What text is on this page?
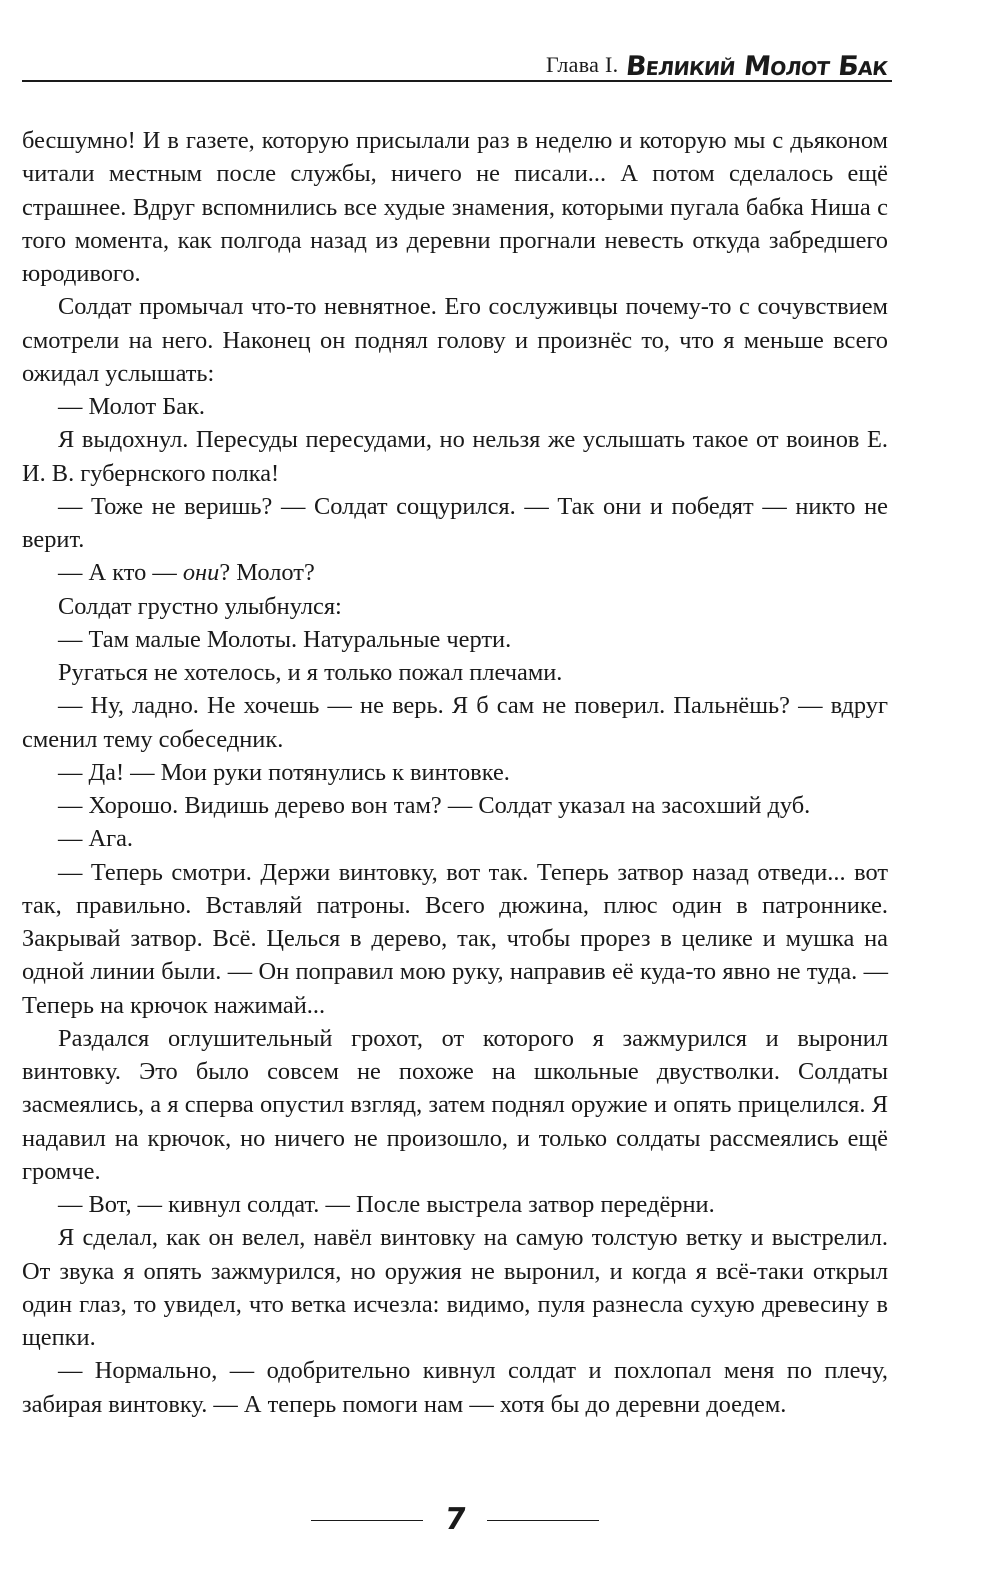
Глава I. Великий Молот Бак

бесшумно! И в газете, которую присылали раз в неделю и которую мы с дьяконом читали местным после службы, ничего не писали... А потом сделалось ещё страшнее. Вдруг вспомнились все худые знамения, которыми пугала бабка Ниша с того момента, как полгода назад из деревни прогнали невесть откуда забредшего юродивого.

Солдат промычал что-то невнятное. Его сослуживцы почему-то с сочувствием смотрели на него. Наконец он поднял голову и произнёс то, что я меньше всего ожидал услышать:

— Молот Бак.

Я выдохнул. Пересуды пересудами, но нельзя же услышать такое от воинов Е. И. В. губернского полка!

— Тоже не веришь? — Солдат сощурился. — Так они и победят — никто не верит.

— А кто — они? Молот?

Солдат грустно улыбнулся:

— Там малые Молоты. Натуральные черти.

Ругаться не хотелось, и я только пожал плечами.

— Ну, ладно. Не хочешь — не верь. Я б сам не поверил. Пальнёшь? — вдруг сменил тему собеседник.

— Да! — Мои руки потянулись к винтовке.

— Хорошо. Видишь дерево вон там? — Солдат указал на засохший дуб.

— Ага.

— Теперь смотри. Держи винтовку, вот так. Теперь затвор назад отведи... вот так, правильно. Вставляй патроны. Всего дюжина, плюс один в патроннике. Закрывай затвор. Всё. Целься в дерево, так, чтобы прорез в целике и мушка на одной линии были. — Он поправил мою руку, направив её куда-то явно не туда. — Теперь на крючок нажимай...

Раздался оглушительный грохот, от которого я зажмурился и выронил винтовку. Это было совсем не похоже на школьные двустволки. Солдаты засмеялись, а я сперва опустил взгляд, затем поднял оружие и опять прицелился. Я надавил на крючок, но ничего не произошло, и только солдаты рассмеялись ещё громче.

— Вот, — кивнул солдат. — После выстрела затвор передёрни.

Я сделал, как он велел, навёл винтовку на самую толстую ветку и выстрелил. От звука я опять зажмурился, но оружия не выронил, и когда я всё-таки открыл один глаз, то увидел, что ветка исчезла: видимо, пуля разнесла сухую древесину в щепки.

— Нормально, — одобрительно кивнул солдат и похлопал меня по плечу, забирая винтовку. — А теперь помоги нам — хотя бы до деревни доедем.

7
